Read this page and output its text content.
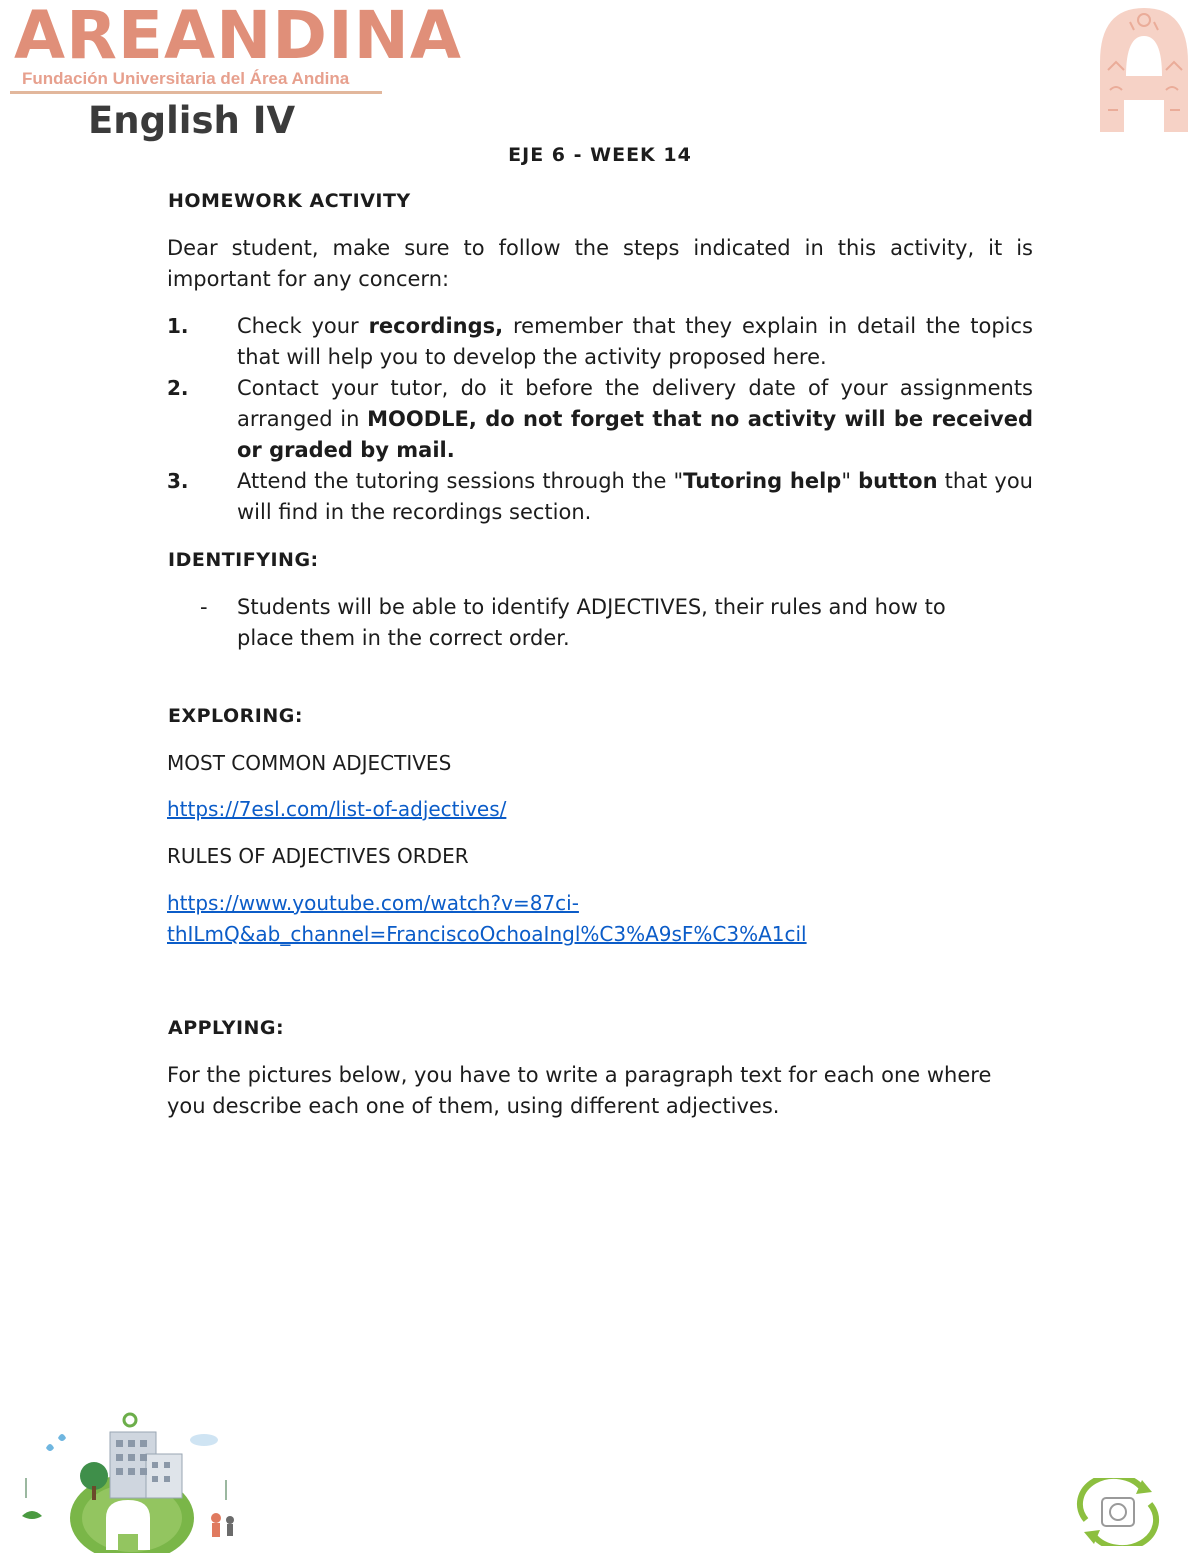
AREANDINA
Fundación Universitaria del Área Andina
English IV
EJE 6 - WEEK 14
HOMEWORK ACTIVITY
Dear student, make sure to follow the steps indicated in this activity, it is important for any concern:
1. Check your recordings, remember that they explain in detail the topics that will help you to develop the activity proposed here.
2. Contact your tutor, do it before the delivery date of your assignments arranged in MOODLE, do not forget that no activity will be received or graded by mail.
3. Attend the tutoring sessions through the "Tutoring help" button that you will find in the recordings section.
IDENTIFYING:
- Students will be able to identify ADJECTIVES, their rules and how to place them in the correct order.
EXPLORING:
MOST COMMON ADJECTIVES
https://7esl.com/list-of-adjectives/
RULES OF ADJECTIVES ORDER
https://www.youtube.com/watch?v=87ci-
thILmQ&ab_channel=FranciscoOchoaIngl%C3%A9sF%C3%A1cil
APPLYING:
For the pictures below, you have to write a paragraph text for each one where you describe each one of them, using different adjectives.
